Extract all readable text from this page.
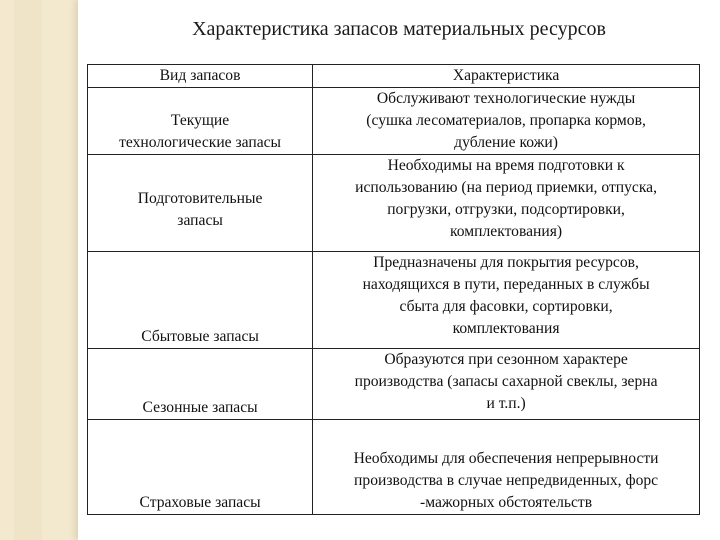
Характеристика запасов материальных ресурсов
Вид запасов	Характеристика

Текущие
технологические запасы	Обслуживают технологические нужды
(сушка лесоматериалов, пропарка кормов,
дубление кожи)

Подготовительные
запасы	Необходимы на время подготовки к
использованию (на период приемки, отпуска,
погрузки, отгрузки, подсортировки,
комплектования)

Сбытовые запасы	Предназначены для покрытия ресурсов,
находящихся в пути, переданных в службы
сбыта для фасовки, сортировки,
комплектования

Сезонные запасы	Образуются при сезонном характере
производства (запасы сахарной свеклы, зерна
и т.п.)

Страховые запасы	Необходимы для обеспечения непрерывности
производства в случае непредвиденных, форс
-мажорных обстоятельств
